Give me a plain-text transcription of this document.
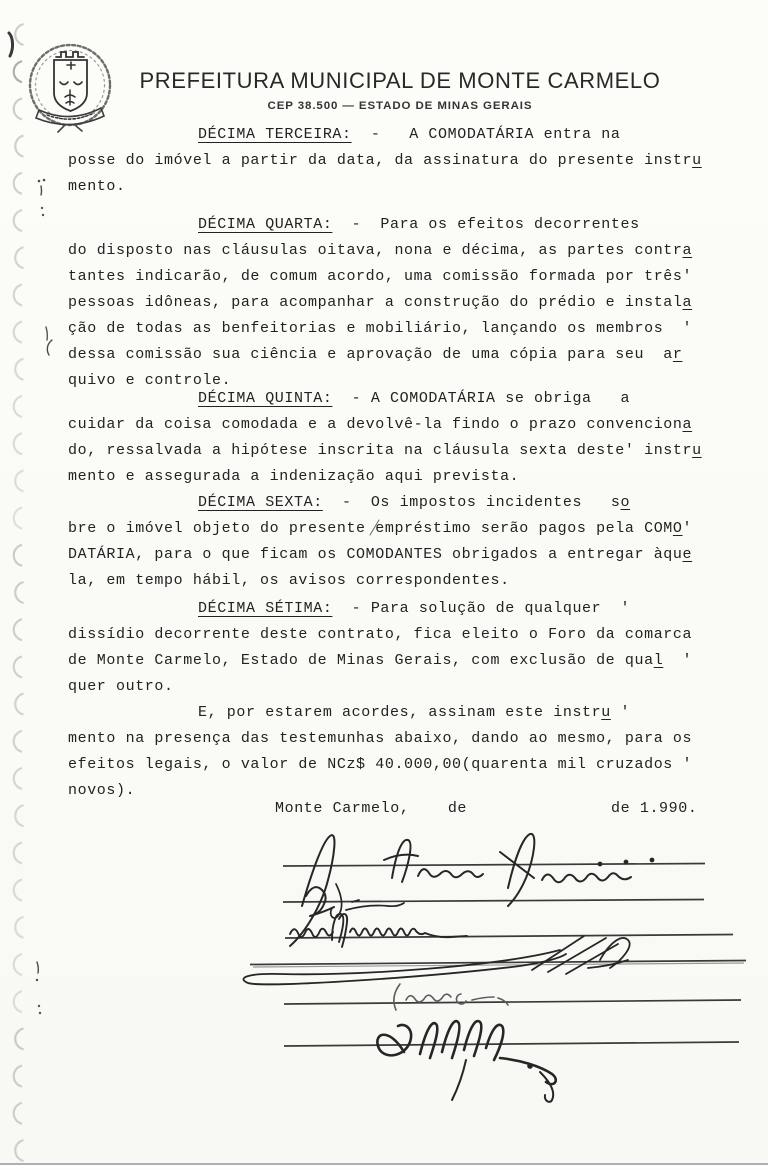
PREFEITURA MUNICIPAL DE MONTE CARMELO
CEP 38.500 — ESTADO DE MINAS GERAIS
DÉCIMA TERCEIRA:  -   A COMODATÁRIA entra na
posse do imóvel a partir da data, da assinatura do presente instru
mento.
DÉCIMA QUARTA:  -  Para os efeitos decorrentes
do disposto nas cláusulas oitava, nona e décima, as partes contra
tantes indicarão, de comum acordo, uma comissão formada por três'
pessoas idôneas, para acompanhar a construção do prédio e instala
ção de todas as benfeitorias e mobiliário, lançando os membros  '
dessa comissão sua ciência e aprovação de uma cópia para seu  ar
quivo e controle.
DÉCIMA QUINTA:  - A COMODATÁRIA se obriga   a
cuidar da coisa comodada e a devolvê-la findo o prazo convenciona
do, ressalvada a hipótese inscrita na cláusula sexta deste' instru
mento e assegurada a indenização aqui prevista.
DÉCIMA SEXTA:  -  Os impostos incidentes   so
bre o imóvel objeto do presente empréstimo serão pagos pela COMO'
DATÁRIA, para o que ficam os COMODANTES obrigados a entregar àque
la, em tempo hábil, os avisos correspondentes.
DÉCIMA SÉTIMA:  - Para solução de qualquer  '
dissídio decorrente deste contrato, fica eleito o Foro da comarca
de Monte Carmelo, Estado de Minas Gerais, com exclusão de qual  '
quer outro.
E, por estarem acordes, assinam este instru '
mento na presença das testemunhas abaixo, dando ao mesmo, para os
efeitos legais, o valor de NCz$ 40.000,00(quarenta mil cruzados '
novos).
Monte Carmelo,    de               de 1.990.
